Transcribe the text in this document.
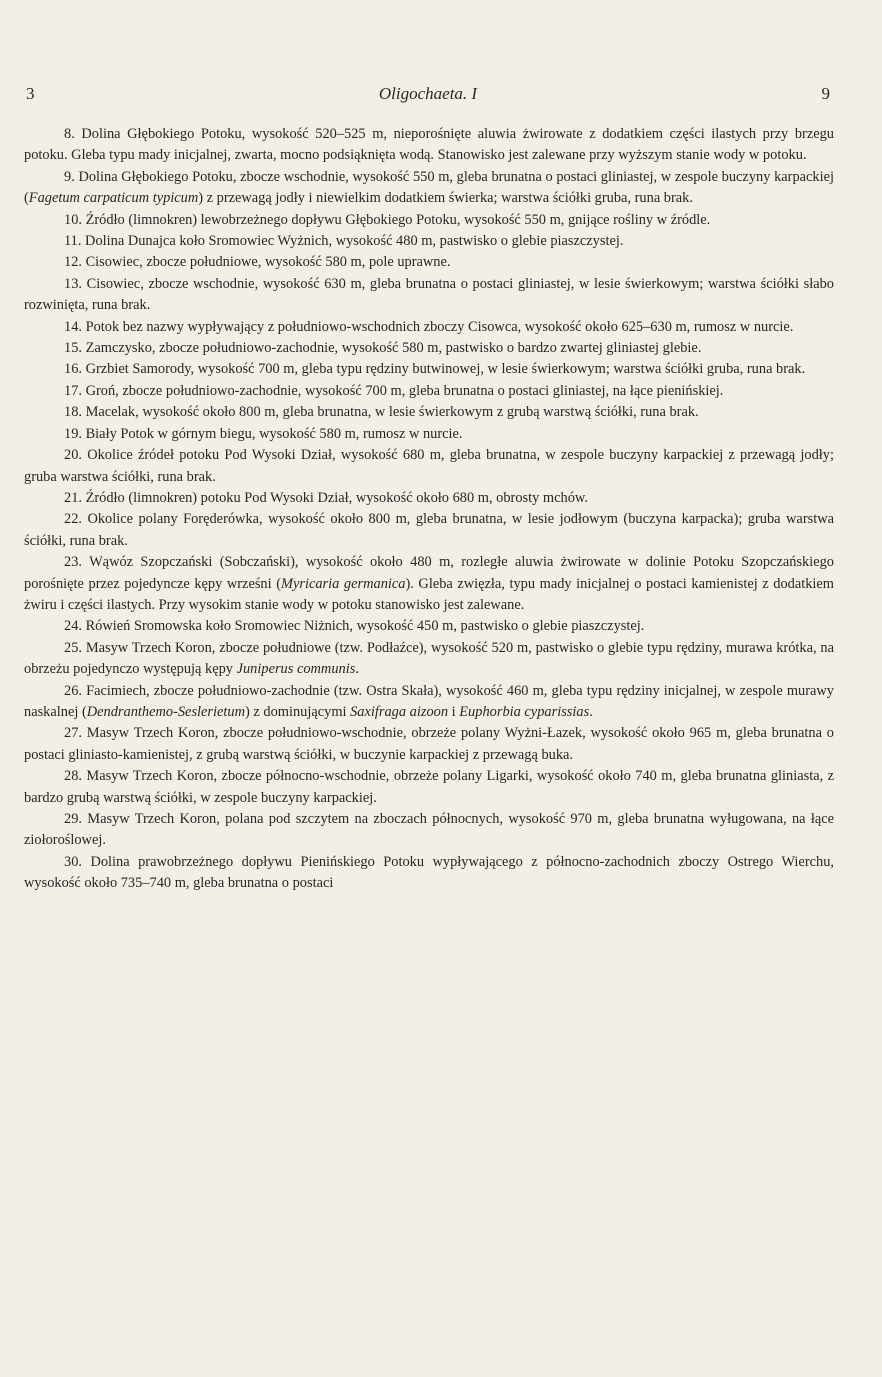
3	Oligochaeta. I	9

8. Dolina Głębokiego Potoku, wysokość 520–525 m, nieporośnięte aluwia żwirowate z dodatkiem części ilastych przy brzegu potoku. Gleba typu mady inicjalnej, zwarta, mocno podsiąknięta wodą. Stanowisko jest zalewane przy wyższym stanie wody w potoku.

9. Dolina Głębokiego Potoku, zbocze wschodnie, wysokość 550 m, gleba brunatna o postaci gliniastej, w zespole buczyny karpackiej (Fagetum carpaticum typicum) z przewagą jodły i niewielkim dodatkiem świerka; warstwa ściółki gruba, runa brak.

10. Źródło (limnokren) lewobrzeżnego dopływu Głębokiego Potoku, wysokość 550 m, gnijące rośliny w źródle.

11. Dolina Dunajca koło Sromowiec Wyżnich, wysokość 480 m, pastwisko o glebie piaszczystej.

12. Cisowiec, zbocze południowe, wysokość 580 m, pole uprawne.

13. Cisowiec, zbocze wschodnie, wysokość 630 m, gleba brunatna o postaci gliniastej, w lesie świerkowym; warstwa ściółki słabo rozwinięta, runa brak.

14. Potok bez nazwy wypływający z południowo-wschodnich zboczy Cisowca, wysokość około 625–630 m, rumosz w nurcie.

15. Zamczysko, zbocze południowo-zachodnie, wysokość 580 m, pastwisko o bardzo zwartej gliniastej glebie.

16. Grzbiet Samorody, wysokość 700 m, gleba typu rędziny butwinowej, w lesie świerkowym; warstwa ściółki gruba, runa brak.

17. Groń, zbocze południowo-zachodnie, wysokość 700 m, gleba brunatna o postaci gliniastej, na łące pienińskiej.

18. Macelak, wysokość około 800 m, gleba brunatna, w lesie świerkowym z grubą warstwą ściółki, runa brak.

19. Biały Potok w górnym biegu, wysokość 580 m, rumosz w nurcie.

20. Okolice źródeł potoku Pod Wysoki Dział, wysokość 680 m, gleba brunatna, w zespole buczyny karpackiej z przewagą jodły; gruba warstwa ściółki, runa brak.

21. Źródło (limnokren) potoku Pod Wysoki Dział, wysokość około 680 m, obrosty mchów.

22. Okolice polany Foręderówka, wysokość około 800 m, gleba brunatna, w lesie jodłowym (buczyna karpacka); gruba warstwa ściółki, runa brak.

23. Wąwóz Szopczański (Sobczański), wysokość około 480 m, rozległe aluwia żwirowate w dolinie Potoku Szopczańskiego porośnięte przez pojedyncze kępy wrześni (Myricaria germanica). Gleba zwięzła, typu mady inicjalnej o postaci kamienistej z dodatkiem żwiru i części ilastych. Przy wysokim stanie wody w potoku stanowisko jest zalewane.

24. Rówień Sromowska koło Sromowiec Niżnich, wysokość 450 m, pastwisko o glebie piaszczystej.

25. Masyw Trzech Koron, zbocze południowe (tzw. Podłaźce), wysokość 520 m, pastwisko o glebie typu rędziny, murawa krótka, na obrzeżu pojedynczo występują kępy Juniperus communis.

26. Facimiech, zbocze południowo-zachodnie (tzw. Ostra Skała), wysokość 460 m, gleba typu rędziny inicjalnej, w zespole murawy naskalnej (Dendranthemo-Seslerietum) z dominującymi Saxifraga aizoon i Euphorbia cyparissias.

27. Masyw Trzech Koron, zbocze południowo-wschodnie, obrzeże polany Wyżni-Łazek, wysokość około 965 m, gleba brunatna o postaci gliniasto-kamienistej, z grubą warstwą ściółki, w buczynie karpackiej z przewagą buka.

28. Masyw Trzech Koron, zbocze północno-wschodnie, obrzeże polany Ligarki, wysokość około 740 m, gleba brunatna gliniasta, z bardzo grubą warstwą ściółki, w zespole buczyny karpackiej.

29. Masyw Trzech Koron, polana pod szczytem na zboczach północnych, wysokość 970 m, gleba brunatna wyługowana, na łące ziołoroślowej.

30. Dolina prawobrzeżnego dopływu Pienińskiego Potoku wypływającego z północno-zachodnich zboczy Ostrego Wierchu, wysokość około 735–740 m, gleba brunatna o postaci
